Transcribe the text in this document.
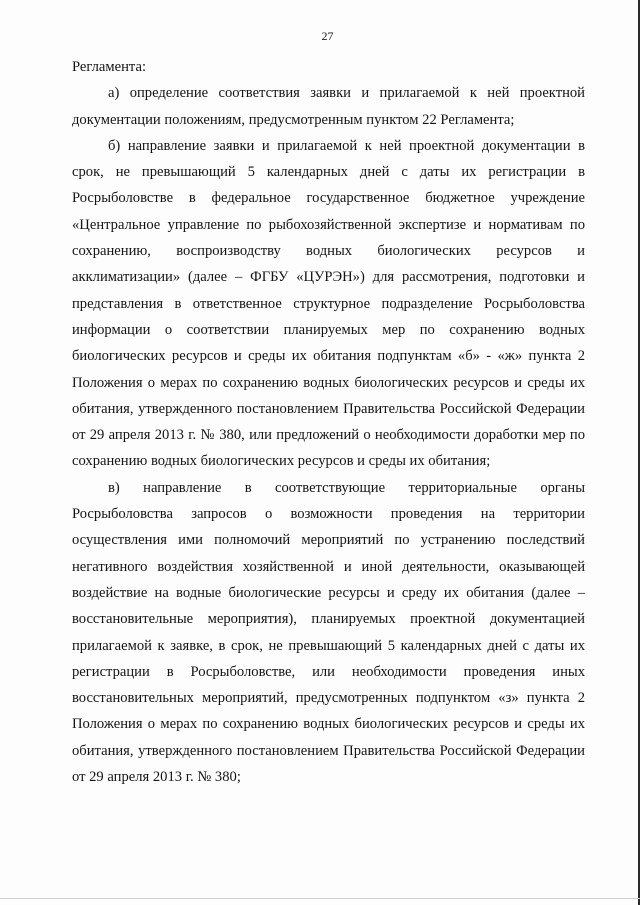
27

Регламента:

а) определение соответствия заявки и прилагаемой к ней проектной документации положениям, предусмотренным пунктом 22 Регламента;

б) направление заявки и прилагаемой к ней проектной документации в срок, не превышающий 5 календарных дней с даты их регистрации в Росрыболовстве в федеральное государственное бюджетное учреждение «Центральное управление по рыбохозяйственной экспертизе и нормативам по сохранению, воспроизводству водных биологических ресурсов и акклиматизации» (далее – ФГБУ «ЦУРЭН») для рассмотрения, подготовки и представления в ответственное структурное подразделение Росрыболовства информации о соответствии планируемых мер по сохранению водных биологических ресурсов и среды их обитания подпунктам «б» - «ж» пункта 2 Положения о мерах по сохранению водных биологических ресурсов и среды их обитания, утвержденного постановлением Правительства Российской Федерации от 29 апреля 2013 г. № 380, или предложений о необходимости доработки мер по сохранению водных биологических ресурсов и среды их обитания;

в) направление в соответствующие территориальные органы Росрыболовства запросов о возможности проведения на территории осуществления ими полномочий мероприятий по устранению последствий негативного воздействия хозяйственной и иной деятельности, оказывающей воздействие на водные биологические ресурсы и среду их обитания (далее – восстановительные мероприятия), планируемых проектной документацией прилагаемой к заявке, в срок, не превышающий 5 календарных дней с даты их регистрации в Росрыболовстве, или необходимости проведения иных восстановительных мероприятий, предусмотренных подпунктом «з» пункта 2 Положения о мерах по сохранению водных биологических ресурсов и среды их обитания, утвержденного постановлением Правительства Российской Федерации от 29 апреля 2013 г. № 380;
